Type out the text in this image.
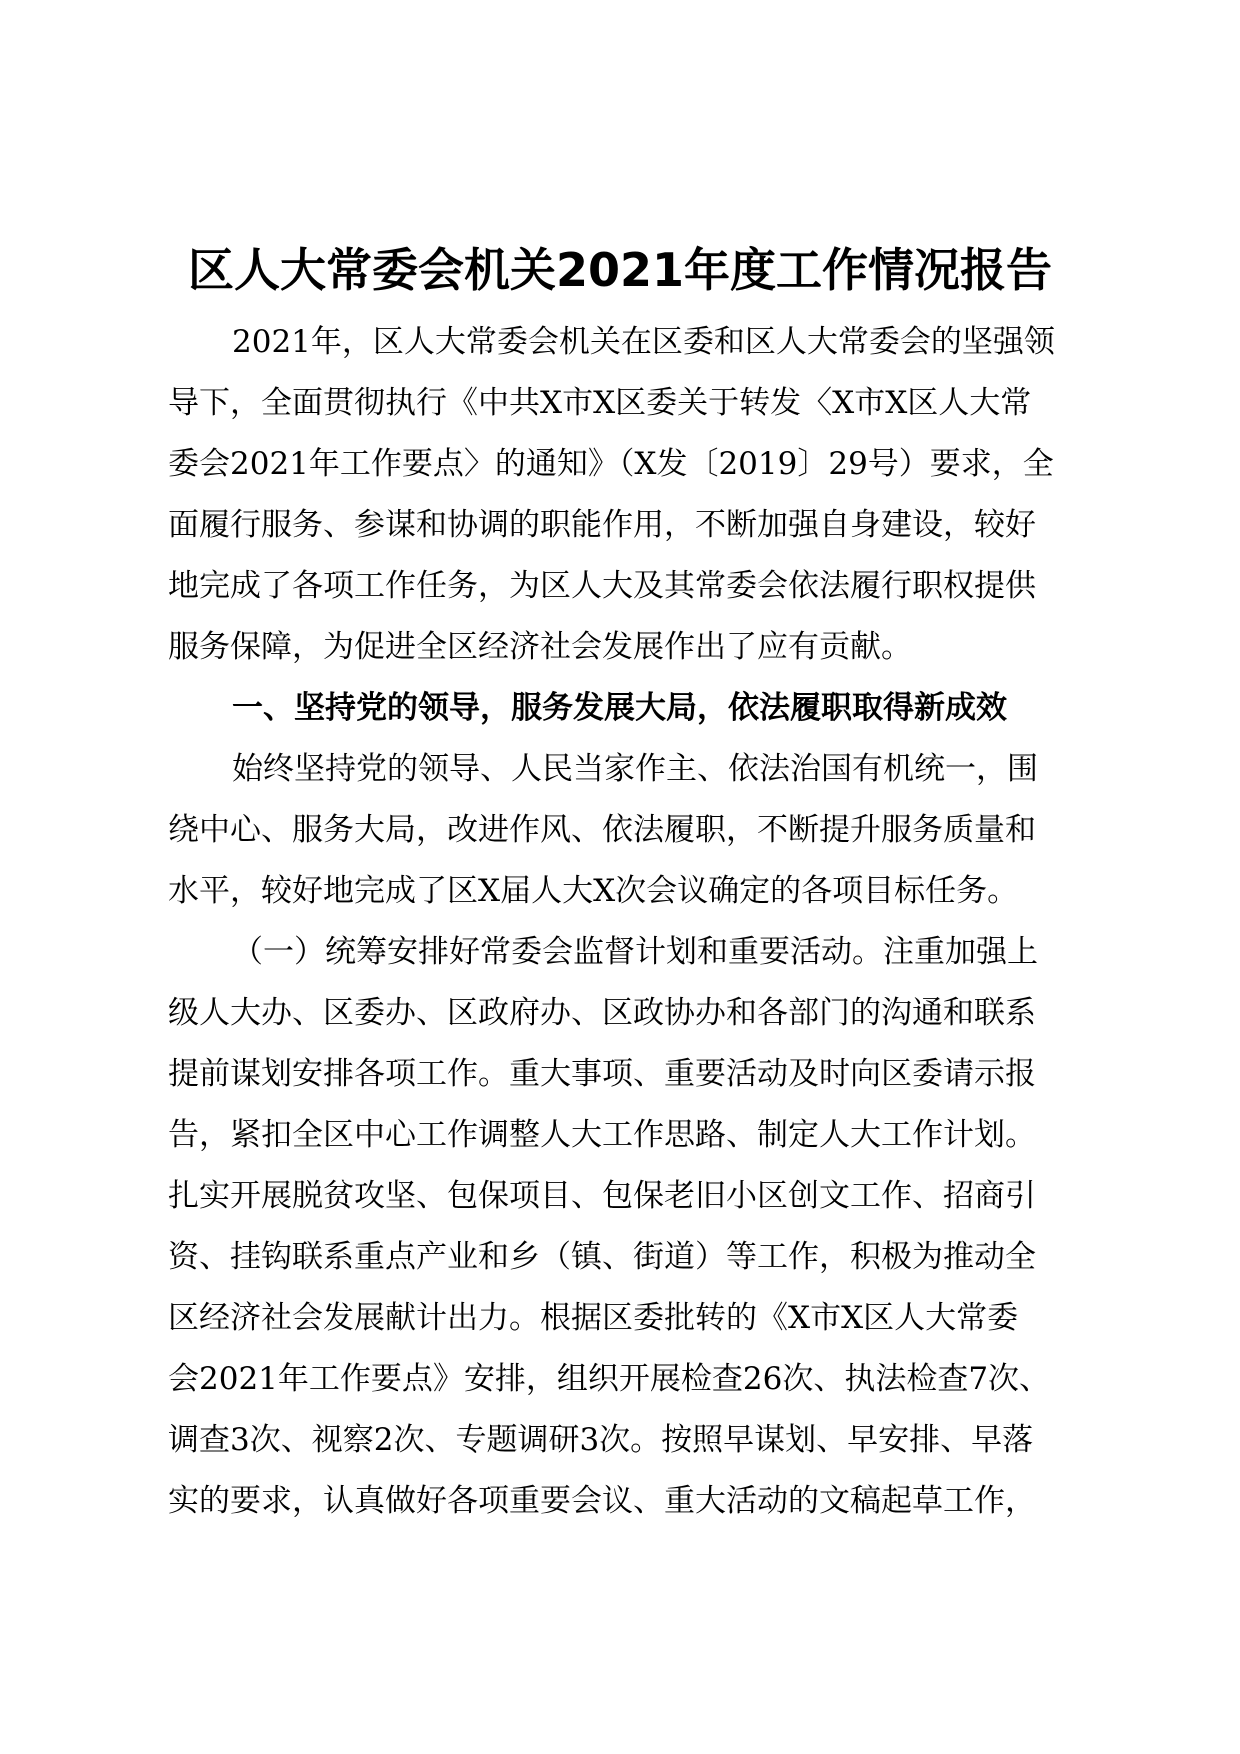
区人大常委会机关2021年度工作情况报告

2021年，区人大常委会机关在区委和区人大常委会的坚强领

导下，全面贯彻执行《中共X市X区委关于转发〈X市X区人大常

委会2021年工作要点〉的通知》（X发〔2019〕29号）要求，全

面履行服务、参谋和协调的职能作用，不断加强自身建设，较好

地完成了各项工作任务，为区人大及其常委会依法履行职权提供

服务保障，为促进全区经济社会发展作出了应有贡献。

一、坚持党的领导，服务发展大局，依法履职取得新成效

始终坚持党的领导、人民当家作主、依法治国有机统一，围

绕中心、服务大局，改进作风、依法履职，不断提升服务质量和

水平，较好地完成了区X届人大X次会议确定的各项目标任务。

（一）统筹安排好常委会监督计划和重要活动。注重加强上

级人大办、区委办、区政府办、区政协办和各部门的沟通和联系

提前谋划安排各项工作。重大事项、重要活动及时向区委请示报

告，紧扣全区中心工作调整人大工作思路、制定人大工作计划。

扎实开展脱贫攻坚、包保项目、包保老旧小区创文工作、招商引

资、挂钩联系重点产业和乡（镇、街道）等工作，积极为推动全

区经济社会发展献计出力。根据区委批转的《X市X区人大常委

会2021年工作要点》安排，组织开展检查26次、执法检查7次、

调查3次、视察2次、专题调研3次。按照早谋划、早安排、早落

实的要求，认真做好各项重要会议、重大活动的文稿起草工作，
